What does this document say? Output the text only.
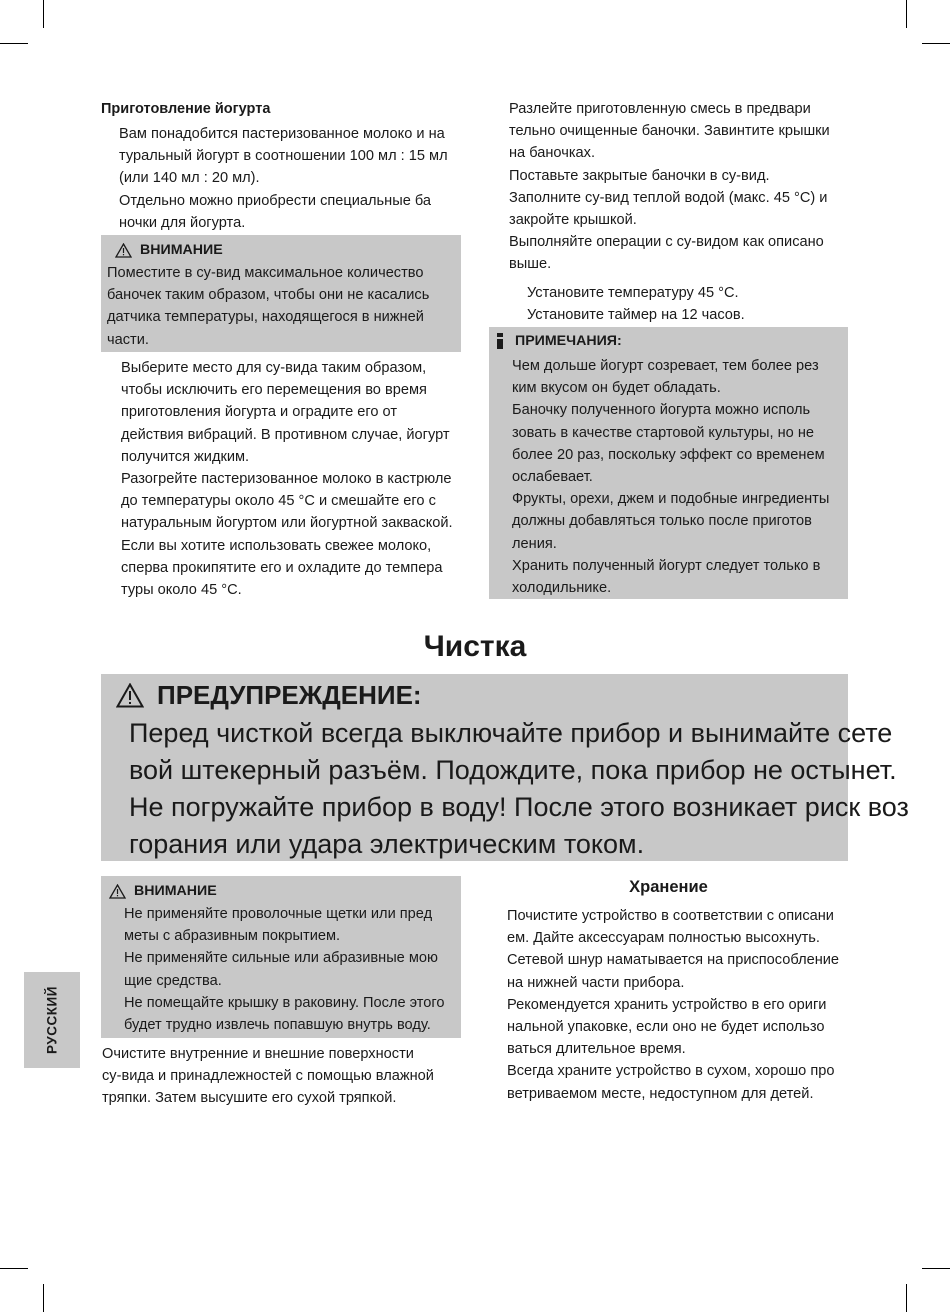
Приготовление йогурта
Вам понадобится пастеризованное молоко и на
туральный йогурт в соотношении 100 мл : 15 мл
(или 140 мл : 20 мл).
Отдельно можно приобрести специальные ба
ночки для йогурта.
ВНИМАНИЕ
Поместите в су-вид максимальное количество
баночек таким образом, чтобы они не касались
датчика температуры, находящегося в нижней
части.
Выберите место для су-вида таким образом,
чтобы исключить его перемещения во время
приготовления йогурта и оградите его от
действия вибраций. В противном случае, йогурт
получится жидким.
Разогрейте пастеризованное молоко в кастрюле
до температуры около 45 °С и смешайте его с
натуральным йогуртом или йогуртной закваской.
Если вы хотите использовать свежее молоко,
сперва прокипятите его и охладите до темпера
туры около 45 °С.
Разлейте приготовленную смесь в предвари
тельно очищенные баночки. Завинтите крышки
на баночках.
Поставьте закрытые баночки в су-вид.
Заполните су-вид теплой водой (макс. 45 °С) и
закройте крышкой.
Выполняйте операции с су-видом как описано
выше.
Установите температуру 45 °С.
Установите таймер на 12 часов.
ПРИМЕЧАНИЯ:
Чем дольше йогурт созревает, тем более рез
ким вкусом он будет обладать.
Баночку полученного йогурта можно исполь
зовать в качестве стартовой культуры, но не
более 20 раз, поскольку эффект со временем
ослабевает.
Фрукты, орехи, джем и подобные ингредиенты
должны добавляться только после приготов
ления.
Хранить полученный йогурт следует только в
холодильнике.
Чистка
ПРЕДУПРЕЖДЕНИЕ:
Перед чисткой всегда выключайте прибор и вынимайте сете
вой штекерный разъём. Подождите, пока прибор не остынет.
Не погружайте прибор в воду! После этого возникает риск воз
горания или удара электрическим током.
ВНИМАНИЕ
Не применяйте проволочные щетки или пред
меты с абразивным покрытием.
Не применяйте сильные или абразивные мою
щие средства.
Не помещайте крышку в раковину. После этого
будет трудно извлечь попавшую внутрь воду.
Очистите внутренние и внешние поверхности
су-вида и принадлежностей с помощью влажной
тряпки. Затем высушите его сухой тряпкой.
Хранение
Почистите устройство в соответствии с описани
ем. Дайте аксессуарам полностью высохнуть.
Сетевой шнур наматывается на приспособление
на нижней части прибора.
Рекомендуется хранить устройство в его ориги
нальной упаковке, если оно не будет использо
ваться длительное время.
Всегда храните устройство в сухом, хорошо про
ветриваемом месте, недоступном для детей.
РУССКИЙ
